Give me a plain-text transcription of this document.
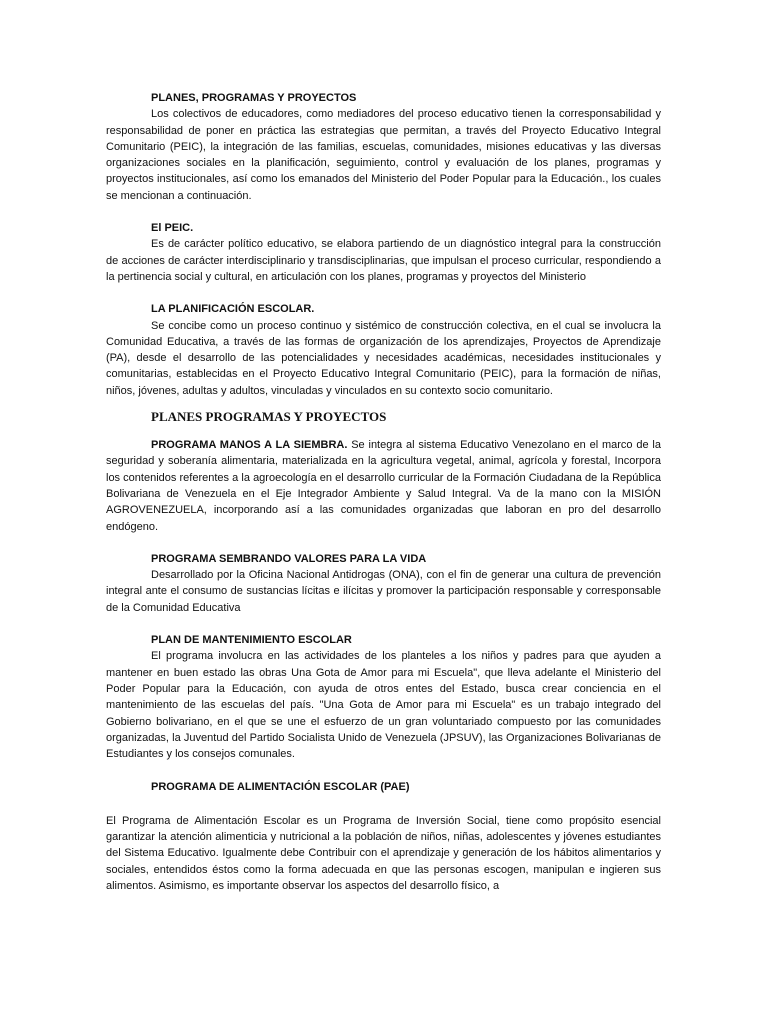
PLANES, PROGRAMAS Y PROYECTOS

Los colectivos de educadores, como mediadores del proceso educativo tienen la corresponsabilidad y responsabilidad de poner en práctica las estrategias que permitan, a través del Proyecto Educativo Integral Comunitario (PEIC), la integración de las familias, escuelas, comunidades, misiones educativas y las diversas organizaciones sociales en la planificación, seguimiento, control y evaluación de los planes, programas y proyectos institucionales, así como los emanados del Ministerio del Poder Popular para la Educación., los cuales se mencionan a continuación.

El PEIC.

Es de carácter político educativo, se elabora partiendo de un diagnóstico integral para la construcción de acciones de carácter interdisciplinario y transdisciplinarias, que impulsan el proceso curricular, respondiendo a la pertinencia social y cultural, en articulación con los planes, programas y proyectos del Ministerio

LA PLANIFICACIÓN ESCOLAR.

Se concibe como un proceso continuo y sistémico de construcción colectiva, en el cual se involucra la Comunidad Educativa, a través de las formas de organización de los aprendizajes, Proyectos de Aprendizaje (PA), desde el desarrollo de las potencialidades y necesidades académicas, necesidades institucionales y comunitarias, establecidas en el Proyecto Educativo Integral Comunitario (PEIC), para la formación de niñas, niños, jóvenes, adultas y adultos, vinculadas y vinculados en su contexto socio comunitario.

PLANES PROGRAMAS Y PROYECTOS

PROGRAMA MANOS A LA SIEMBRA. Se integra al sistema Educativo Venezolano en el marco de la seguridad y soberanía alimentaria, materializada en la agricultura vegetal, animal, agrícola y forestal, Incorpora los contenidos referentes a la agroecología en el desarrollo curricular de la Formación Ciudadana de la República Bolivariana de Venezuela en el Eje Integrador Ambiente y Salud Integral. Va de la mano con la MISIÓN AGROVENEZUELA, incorporando así a las comunidades organizadas que laboran en pro del desarrollo endógeno.

PROGRAMA SEMBRANDO VALORES PARA LA VIDA

Desarrollado por la Oficina Nacional Antidrogas (ONA), con el fin de generar una cultura de prevención integral ante el consumo de sustancias lícitas e ilícitas y promover la participación responsable y corresponsable de la Comunidad Educativa

PLAN DE MANTENIMIENTO ESCOLAR

El programa involucra en las actividades de los planteles a los niños y padres para que ayuden a mantener en buen estado las obras Una Gota de Amor para mi Escuela", que lleva adelante el Ministerio del Poder Popular para la Educación, con ayuda de otros entes del Estado, busca crear conciencia en el mantenimiento de las escuelas del país. "Una Gota de Amor para mi Escuela" es un trabajo integrado del Gobierno bolivariano, en el que se une el esfuerzo de un gran voluntariado compuesto por las comunidades organizadas, la Juventud del Partido Socialista Unido de Venezuela (JPSUV), las Organizaciones Bolivarianas de Estudiantes y los consejos comunales.

PROGRAMA DE ALIMENTACIÓN ESCOLAR (PAE)

El Programa de Alimentación Escolar es un Programa de Inversión Social, tiene como propósito esencial garantizar la atención alimenticia y nutricional a la población de niños, niñas, adolescentes y jóvenes estudiantes del Sistema Educativo. Igualmente debe Contribuir con el aprendizaje y generación de los hábitos alimentarios y sociales, entendidos éstos como la forma adecuada en que las personas escogen, manipulan e ingieren sus alimentos. Asimismo, es importante observar los aspectos del desarrollo físico, a
